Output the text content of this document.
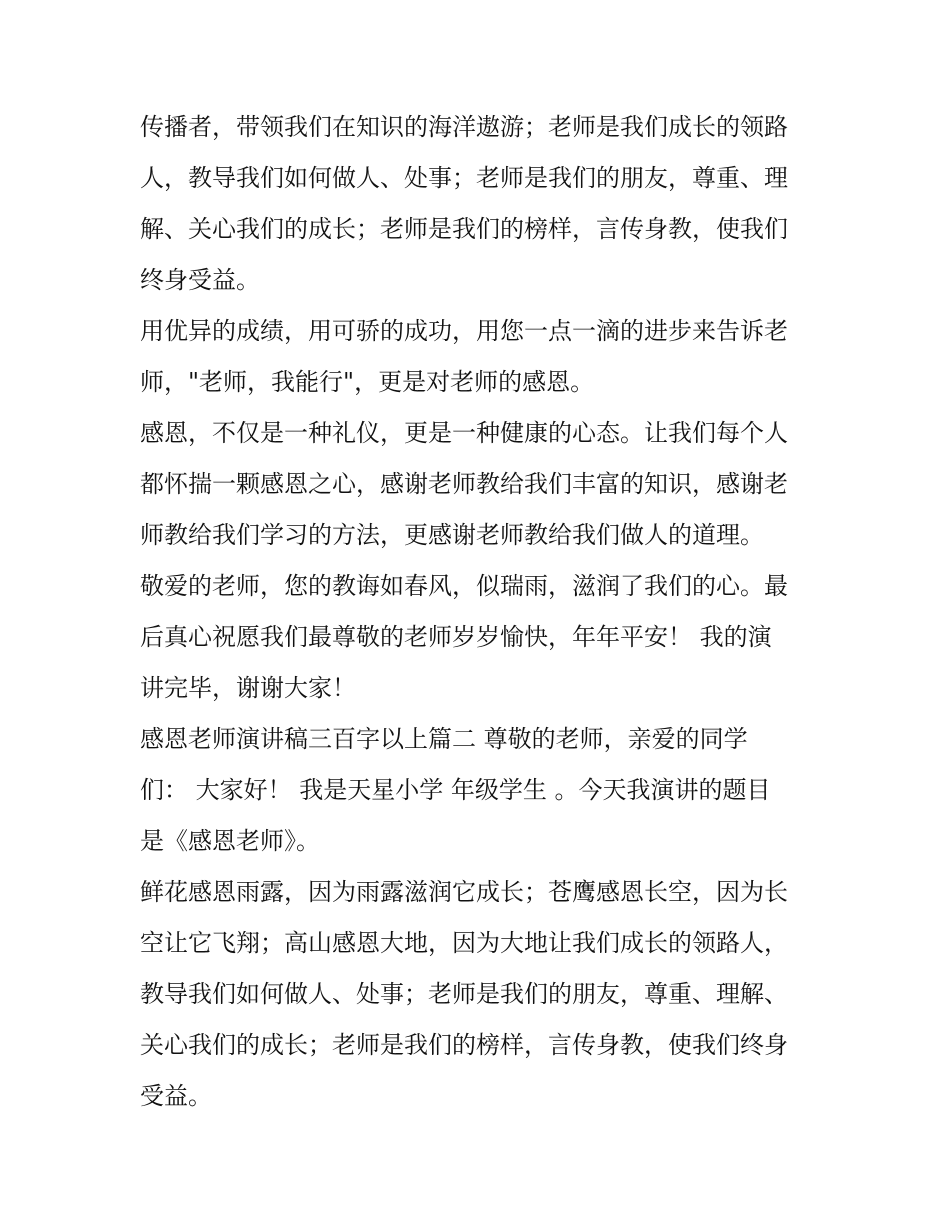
传播者，带领我们在知识的海洋遨游；老师是我们成长的领路
人，教导我们如何做人、处事；老师是我们的朋友，尊重、理
解、关心我们的成长；老师是我们的榜样，言传身教，使我们
终身受益。
用优异的成绩，用可骄的成功，用您一点一滴的进步来告诉老
师，"老师，我能行"，更是对老师的感恩。
感恩，不仅是一种礼仪，更是一种健康的心态。让我们每个人
都怀揣一颗感恩之心，感谢老师教给我们丰富的知识，感谢老
师教给我们学习的方法，更感谢老师教给我们做人的道理。
敬爱的老师，您的教诲如春风，似瑞雨，滋润了我们的心。最
后真心祝愿我们最尊敬的老师岁岁愉快，年年平安！ 我的演
讲完毕，谢谢大家！
感恩老师演讲稿三百字以上篇二 尊敬的老师，亲爱的同学
们： 大家好！ 我是天星小学 年级学生 。今天我演讲的题目
是《感恩老师》。
鲜花感恩雨露，因为雨露滋润它成长；苍鹰感恩长空，因为长
空让它飞翔；高山感恩大地，因为大地让我们成长的领路人，
教导我们如何做人、处事；老师是我们的朋友，尊重、理解、
关心我们的成长；老师是我们的榜样，言传身教，使我们终身
受益。
